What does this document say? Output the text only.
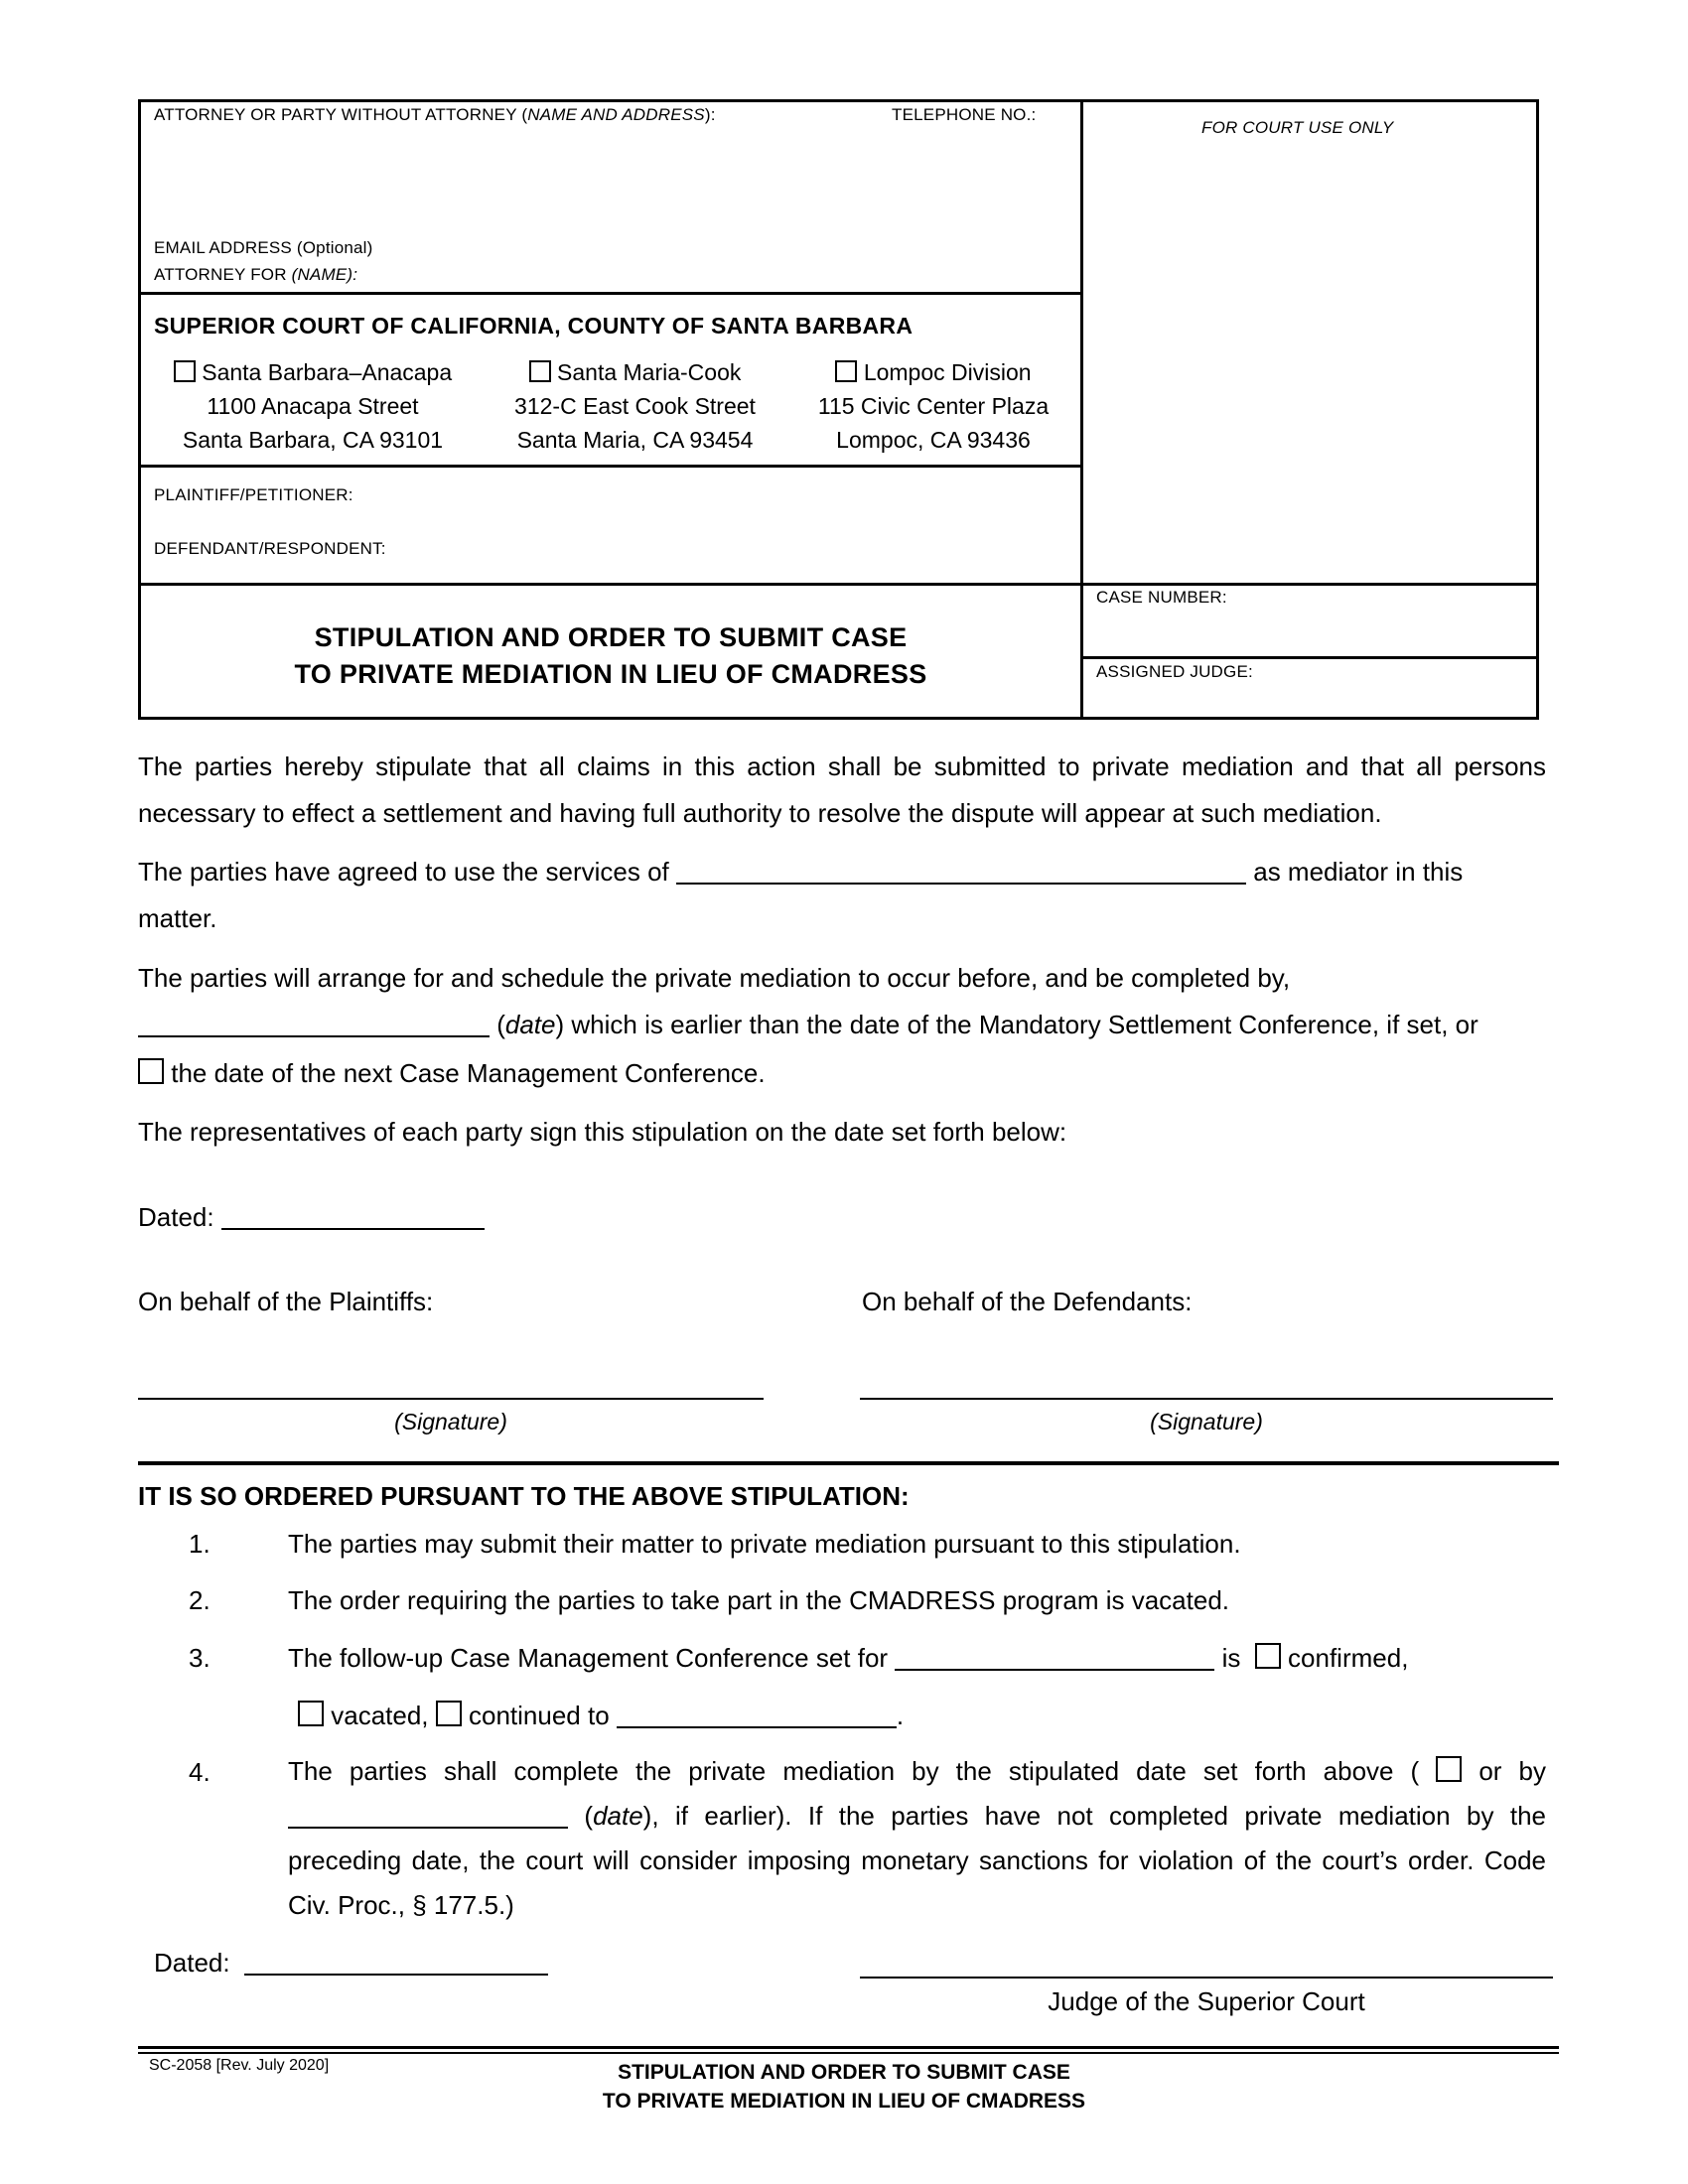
ATTORNEY OR PARTY WITHOUT ATTORNEY (NAME AND ADDRESS):	TELEPHONE NO.:
EMAIL ADDRESS (Optional)
ATTORNEY FOR (NAME):
FOR COURT USE ONLY
SUPERIOR COURT OF CALIFORNIA, COUNTY OF SANTA BARBARA
Santa Barbara–Anacapa
1100 Anacapa Street
Santa Barbara, CA 93101
Santa Maria-Cook
312-C East Cook Street
Santa Maria, CA 93454
Lompoc Division
115 Civic Center Plaza
Lompoc, CA 93436
PLAINTIFF/PETITIONER:
DEFENDANT/RESPONDENT:
STIPULATION AND ORDER TO SUBMIT CASE
TO PRIVATE MEDIATION IN LIEU OF CMADRESS
CASE NUMBER:
ASSIGNED JUDGE:
The parties hereby stipulate that all claims in this action shall be submitted to private mediation and that all persons necessary to effect a settlement and having full authority to resolve the dispute will appear at such mediation.
The parties have agreed to use the services of	as mediator in this
matter.
The parties will arrange for and schedule the private mediation to occur before, and be completed by,
(date) which is earlier than the date of the Mandatory Settlement Conference, if set, or
the date of the next Case Management Conference.
The representatives of each party sign this stipulation on the date set forth below:
Dated:
On behalf of the Plaintiffs:	On behalf of the Defendants:
(Signature)	(Signature)
IT IS SO ORDERED PURSUANT TO THE ABOVE STIPULATION:
1.	The parties may submit their matter to private mediation pursuant to this stipulation.
2.	The order requiring the parties to take part in the CMADRESS program is vacated.
3.	The follow-up Case Management Conference set for	is confirmed,
vacated, continued to	.
4.	The parties shall complete the private mediation by the stipulated date set forth above ( or by  (date), if earlier). If the parties have not completed private mediation by the preceding date, the court will consider imposing monetary sanctions for violation of the court’s order. Code Civ. Proc., § 177.5.)
Dated:
Judge of the Superior Court
SC-2058 [Rev. July 2020]	STIPULATION AND ORDER TO SUBMIT CASE
TO PRIVATE MEDIATION IN LIEU OF CMADRESS
